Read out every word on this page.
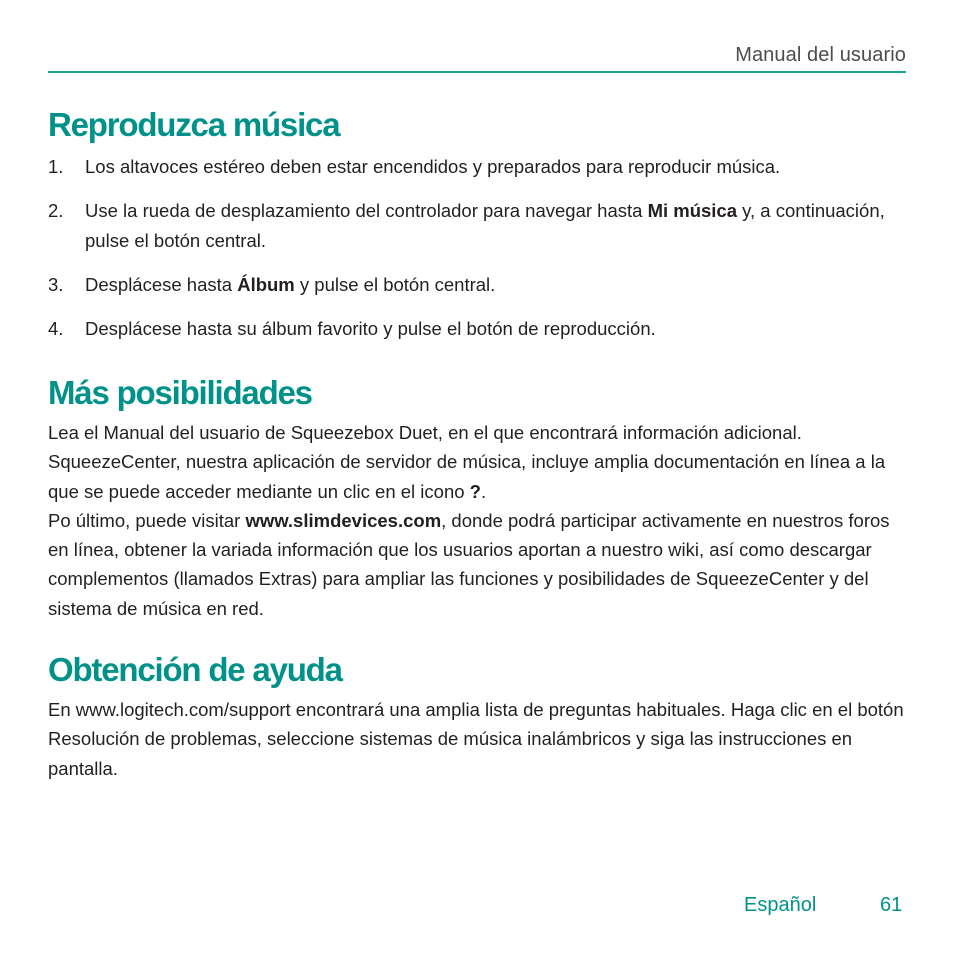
Manual del usuario
Reproduzca música
1.	Los altavoces estéreo deben estar encendidos y preparados para reproducir música.
2.	Use la rueda de desplazamiento del controlador para navegar hasta Mi música y, a continuación, pulse el botón central.
3.	Desplácese hasta Álbum y pulse el botón central.
4.	Desplácese hasta su álbum favorito y pulse el botón de reproducción.
Más posibilidades

Lea el Manual del usuario de Squeezebox Duet, en el que encontrará información adicional. SqueezeCenter, nuestra aplicación de servidor de música, incluye amplia documentación en línea a la que se puede acceder mediante un clic en el icono ?.
Po último, puede visitar www.slimdevices.com, donde podrá participar activamente en nuestros foros en línea, obtener la variada información que los usuarios aportan a nuestro wiki, así como descargar complementos (llamados Extras) para ampliar las funciones y posibilidades de SqueezeCenter y del sistema de música en red.

Obtención de ayuda

En www.logitech.com/support encontrará una amplia lista de preguntas habituales. Haga clic en el botón Resolución de problemas, seleccione sistemas de música inalámbricos y siga las instrucciones en pantalla.

Español	61
